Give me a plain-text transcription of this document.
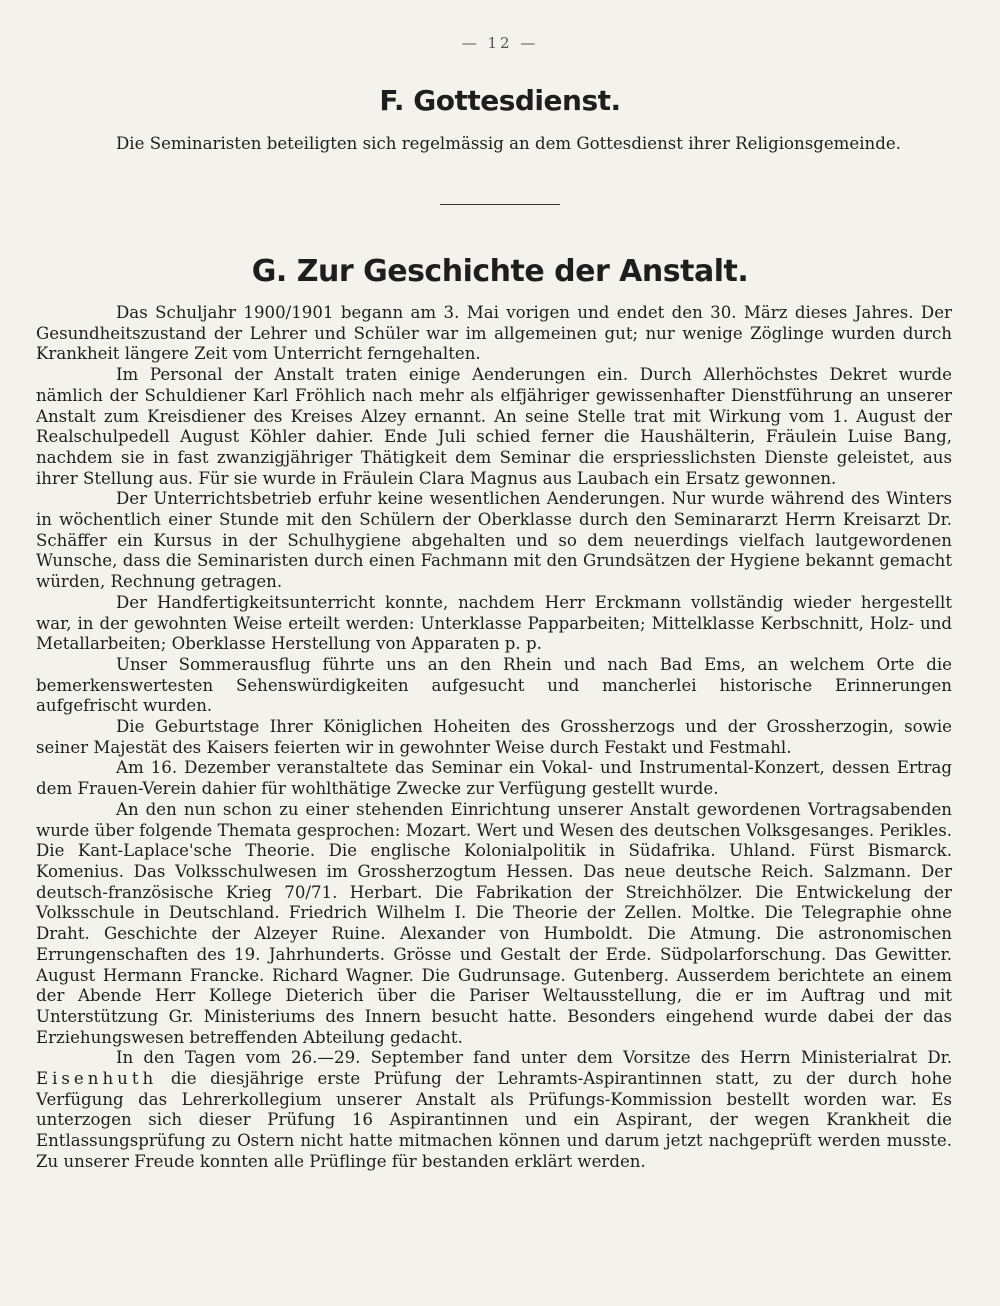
— 12 —
F. Gottesdienst.

Die Seminaristen beteiligten sich regelmässig an dem Gottesdienst ihrer Religionsgemeinde.

G. Zur Geschichte der Anstalt.

Das Schuljahr 1900/1901 begann am 3. Mai vorigen und endet den 30. März dieses Jahres. Der Gesundheitszustand der Lehrer und Schüler war im allgemeinen gut; nur wenige Zöglinge wurden durch Krankheit längere Zeit vom Unterricht ferngehalten.

Im Personal der Anstalt traten einige Aenderungen ein. Durch Allerhöchstes Dekret wurde nämlich der Schuldiener Karl Fröhlich nach mehr als elfjähriger gewissenhafter Dienstführung an unserer Anstalt zum Kreisdiener des Kreises Alzey ernannt. An seine Stelle trat mit Wirkung vom 1. August der Realschulpedell August Köhler dahier. Ende Juli schied ferner die Haushälterin, Fräulein Luise Bang, nachdem sie in fast zwanzigjähriger Thätigkeit dem Seminar die erspriesslichsten Dienste geleistet, aus ihrer Stellung aus. Für sie wurde in Fräulein Clara Magnus aus Laubach ein Ersatz gewonnen.

Der Unterrichtsbetrieb erfuhr keine wesentlichen Aenderungen. Nur wurde während des Winters in wöchentlich einer Stunde mit den Schülern der Oberklasse durch den Seminararzt Herrn Kreisarzt Dr. Schäffer ein Kursus in der Schulhygiene abgehalten und so dem neuerdings vielfach lautgewordenen Wunsche, dass die Seminaristen durch einen Fachmann mit den Grundsätzen der Hygiene bekannt gemacht würden, Rechnung getragen.

Der Handfertigkeitsunterricht konnte, nachdem Herr Erckmann vollständig wieder hergestellt war, in der gewohnten Weise erteilt werden: Unterklasse Papparbeiten; Mittelklasse Kerbschnitt, Holz- und Metallarbeiten; Oberklasse Herstellung von Apparaten p. p.

Unser Sommerausflug führte uns an den Rhein und nach Bad Ems, an welchem Orte die bemerkenswertesten Sehenswürdigkeiten aufgesucht und mancherlei historische Erinnerungen aufgefrischt wurden.

Die Geburtstage Ihrer Königlichen Hoheiten des Grossherzogs und der Grossherzogin, sowie seiner Majestät des Kaisers feierten wir in gewohnter Weise durch Festakt und Festmahl.

Am 16. Dezember veranstaltete das Seminar ein Vokal- und Instrumental-Konzert, dessen Ertrag dem Frauen-Verein dahier für wohlthätige Zwecke zur Verfügung gestellt wurde.

An den nun schon zu einer stehenden Einrichtung unserer Anstalt gewordenen Vortragsabenden wurde über folgende Themata gesprochen: Mozart. Wert und Wesen des deutschen Volksgesanges. Perikles. Die Kant-Laplace'sche Theorie. Die englische Kolonialpolitik in Südafrika. Uhland. Fürst Bismarck. Komenius. Das Volksschulwesen im Grossherzogtum Hessen. Das neue deutsche Reich. Salzmann. Der deutsch-französische Krieg 70/71. Herbart. Die Fabrikation der Streichhölzer. Die Entwickelung der Volksschule in Deutschland. Friedrich Wilhelm I. Die Theorie der Zellen. Moltke. Die Telegraphie ohne Draht. Geschichte der Alzeyer Ruine. Alexander von Humboldt. Die Atmung. Die astronomischen Errungenschaften des 19. Jahrhunderts. Grösse und Gestalt der Erde. Südpolarforschung. Das Gewitter. August Hermann Francke. Richard Wagner. Die Gudrunsage. Gutenberg. Ausserdem berichtete an einem der Abende Herr Kollege Dieterich über die Pariser Weltausstellung, die er im Auftrag und mit Unterstützung Gr. Ministeriums des Innern besucht hatte. Besonders eingehend wurde dabei der das Erziehungswesen betreffenden Abteilung gedacht.

In den Tagen vom 26.—29. September fand unter dem Vorsitze des Herrn Ministerialrat Dr. Eisenhuth die diesjährige erste Prüfung der Lehramts-Aspirantinnen statt, zu der durch hohe Verfügung das Lehrerkollegium unserer Anstalt als Prüfungs-Kommission bestellt worden war. Es unterzogen sich dieser Prüfung 16 Aspirantinnen und ein Aspirant, der wegen Krankheit die Entlassungsprüfung zu Ostern nicht hatte mitmachen können und darum jetzt nachgeprüft werden musste. Zu unserer Freude konnten alle Prüflinge für bestanden erklärt werden.
